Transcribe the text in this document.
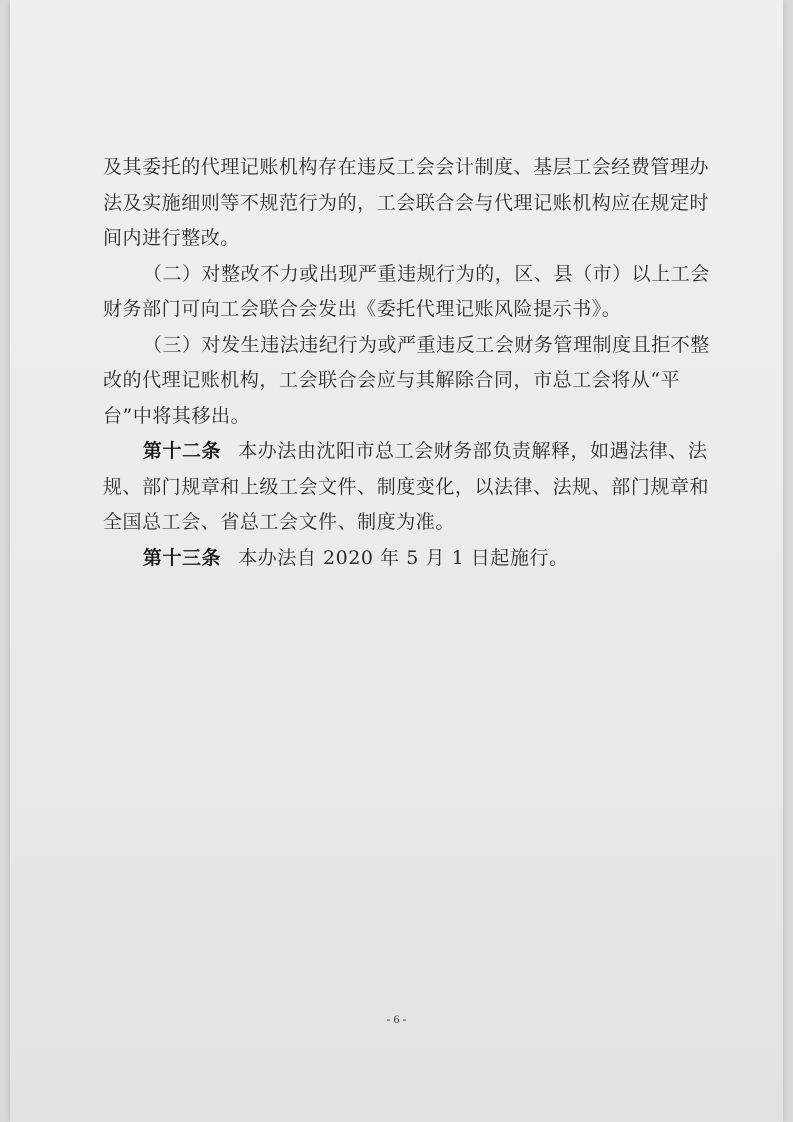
及其委托的代理记账机构存在违反工会会计制度、基层工会经费管理办法及实施细则等不规范行为的，工会联合会与代理记账机构应在规定时间内进行整改。

（二）对整改不力或出现严重违规行为的，区、县（市）以上工会财务部门可向工会联合会发出《委托代理记账风险提示书》。

（三）对发生违法违纪行为或严重违反工会财务管理制度且拒不整改的代理记账机构，工会联合会应与其解除合同，市总工会将从“平台”中将其移出。

第十二条 本办法由沈阳市总工会财务部负责解释，如遇法律、法规、部门规章和上级工会文件、制度变化，以法律、法规、部门规章和全国总工会、省总工会文件、制度为准。

第十三条 本办法自 2020 年 5 月 1 日起施行。

- 6 -
